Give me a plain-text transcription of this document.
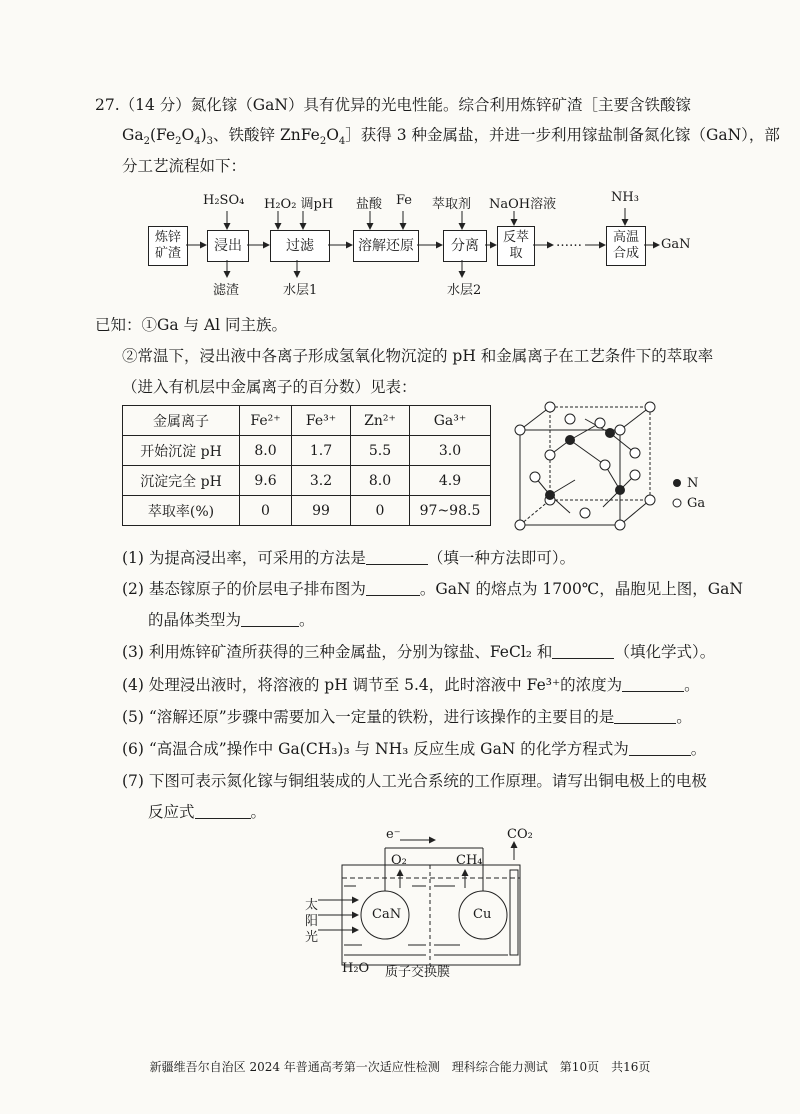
27.（14 分）氮化镓（GaN）具有优异的光电性能。综合利用炼锌矿渣［主要含铁酸镓
$Ga_2(Fe_2O_4)_3$、铁酸锌 $ZnFe_2O_4]$获得 3 种金属盐，并进一步利用镓盐制备氮化镓（GaN），部
分工艺流程如下：
炼锌矿渣	浸出	过滤	溶解还原	分离
反萃取
高温合成
H₂SO₄ H₂O₂ 调pH 盐酸 Fe 萃取剂 NaOH溶液	NH₃
滤渣	水层1	水层2
GaN
……
已知：①Ga 与 Al 同主族。
②常温下，浸出液中各离子形成氢氧化物沉淀的 pH 和金属离子在工艺条件下的萃取率
（进入有机层中金属离子的百分数）见表：
金属离子	Fe²⁺	Fe³⁺	Zn²⁺	Ga³⁺
开始沉淀 pH	8.0	1.7	5.5	3.0
沉淀完全 pH	9.6	3.2	8.0	4.9
萃取率(%)	0	99	0	97~98.5
N
Ga
(1) 为提高浸出率，可采用的方法是	（填一种方法即可）。
(2) 基态镓原子的价层电子排布图为	。GaN 的熔点为 1700℃，晶胞见上图，GaN
的晶体类型为	。
(3) 利用炼锌矿渣所获得的三种金属盐，分别为镓盐、FeCl₂ 和	（填化学式）。
(4) 处理浸出液时，将溶液的 pH 调节至 5.4，此时溶液中 Fe³⁺的浓度为	。
(5) “溶解还原”步骤中需要加入一定量的铁粉，进行该操作的主要目的是	。
(6) “高温合成”操作中 Ga(CH₃)₃ 与 NH₃ 反应生成 GaN 的化学方程式为	。
(7) 下图可表示氮化镓与铜组装成的人工光合系统的工作原理。请写出铜电极上的电极
反应式	。
e⁻
O₂	CH₄
CO₂
CaN	Cu
太
阳
光
H₂O 质子交换膜
新疆维吾尔自治区 2024 年普通高考第一次适应性检测　理科综合能力测试　第10页　共16页
